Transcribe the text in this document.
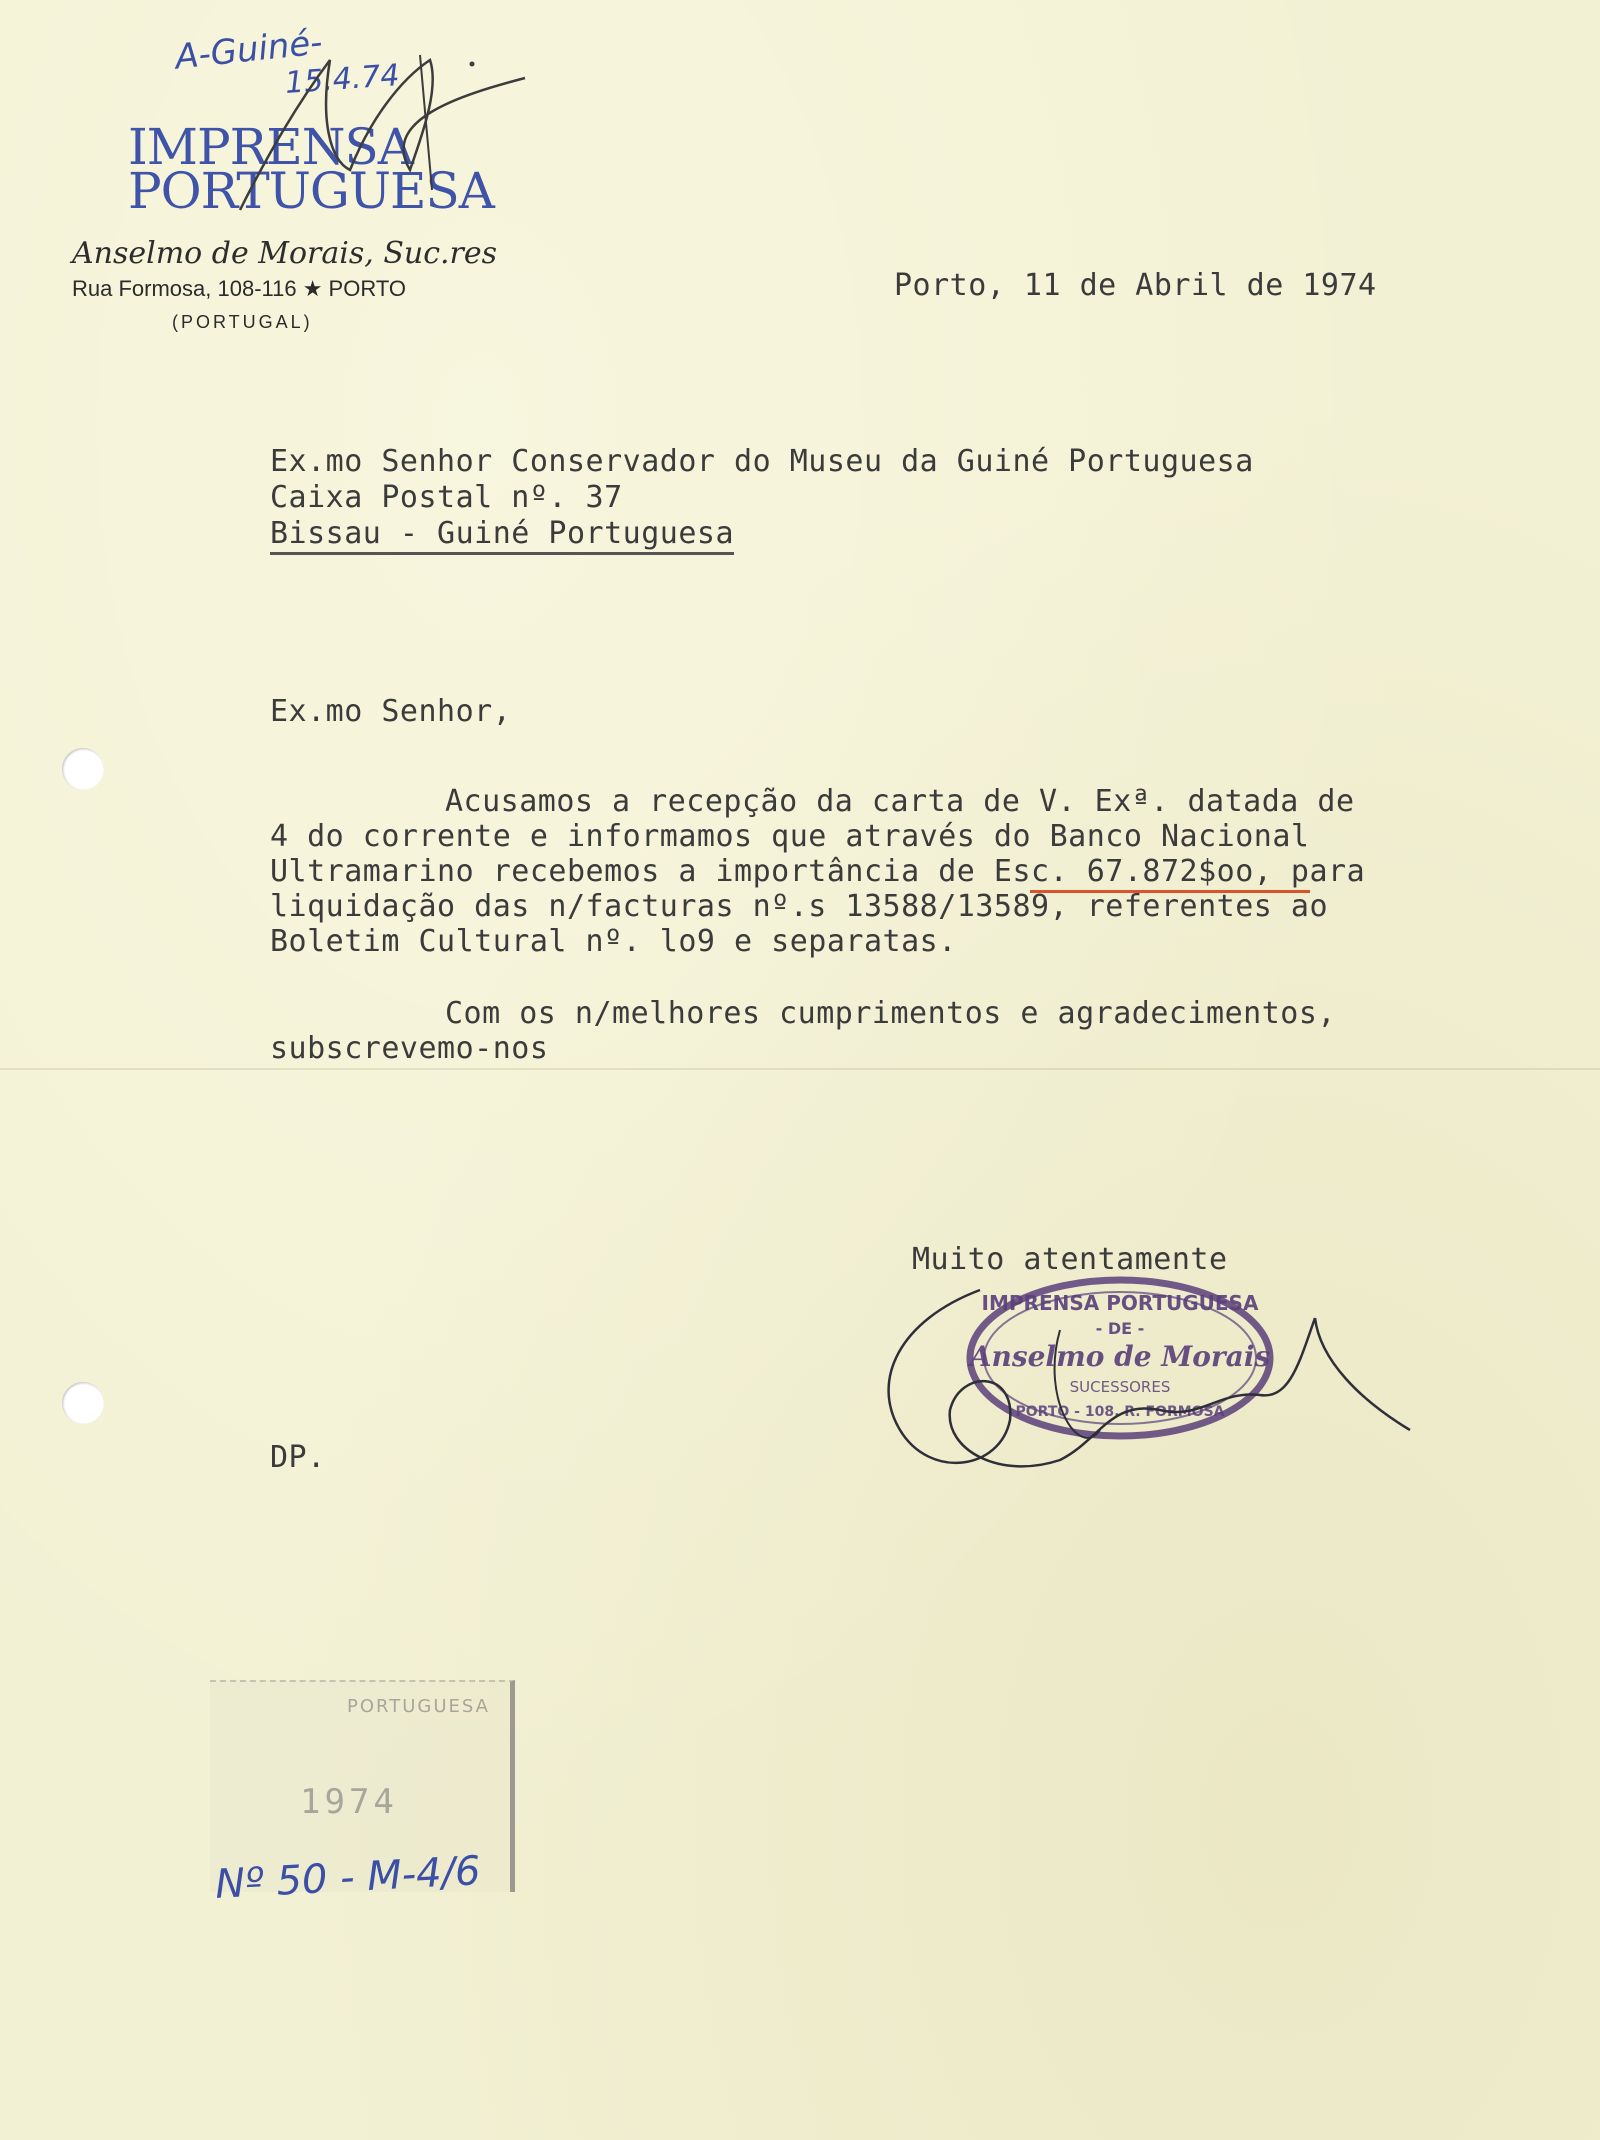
A-Guiné-
15.4.74
IMPRENSA
PORTUGUESA
Anselmo de Morais, Suc.res
Rua Formosa, 108-116 ★ PORTO
(PORTUGAL)
Porto, 11 de Abril de 1974
Ex.mo Senhor Conservador do Museu da Guiné Portuguesa
Caixa Postal nº. 37
Bissau - Guiné Portuguesa
Ex.mo Senhor,
Acusamos a recepção da carta de V. Exª. datada de
4 do corrente e informamos que através do Banco Nacional
Ultramarino recebemos a importância de Esc. 67.872$oo, para
liquidação das n/facturas nº.s 13588/13589, referentes ao
Boletim Cultural nº. lo9 e separatas.
Com os n/melhores cumprimentos e agradecimentos,
subscrevemo-nos
Muito atentamente
IMPRENSA PORTUGUESA
- DE -
Anselmo de Morais
SUCESSORES
PORTO - 108, R. FORMOSA
DP.
PORTUGUESA
1974
Nº 50 - M-4/6
